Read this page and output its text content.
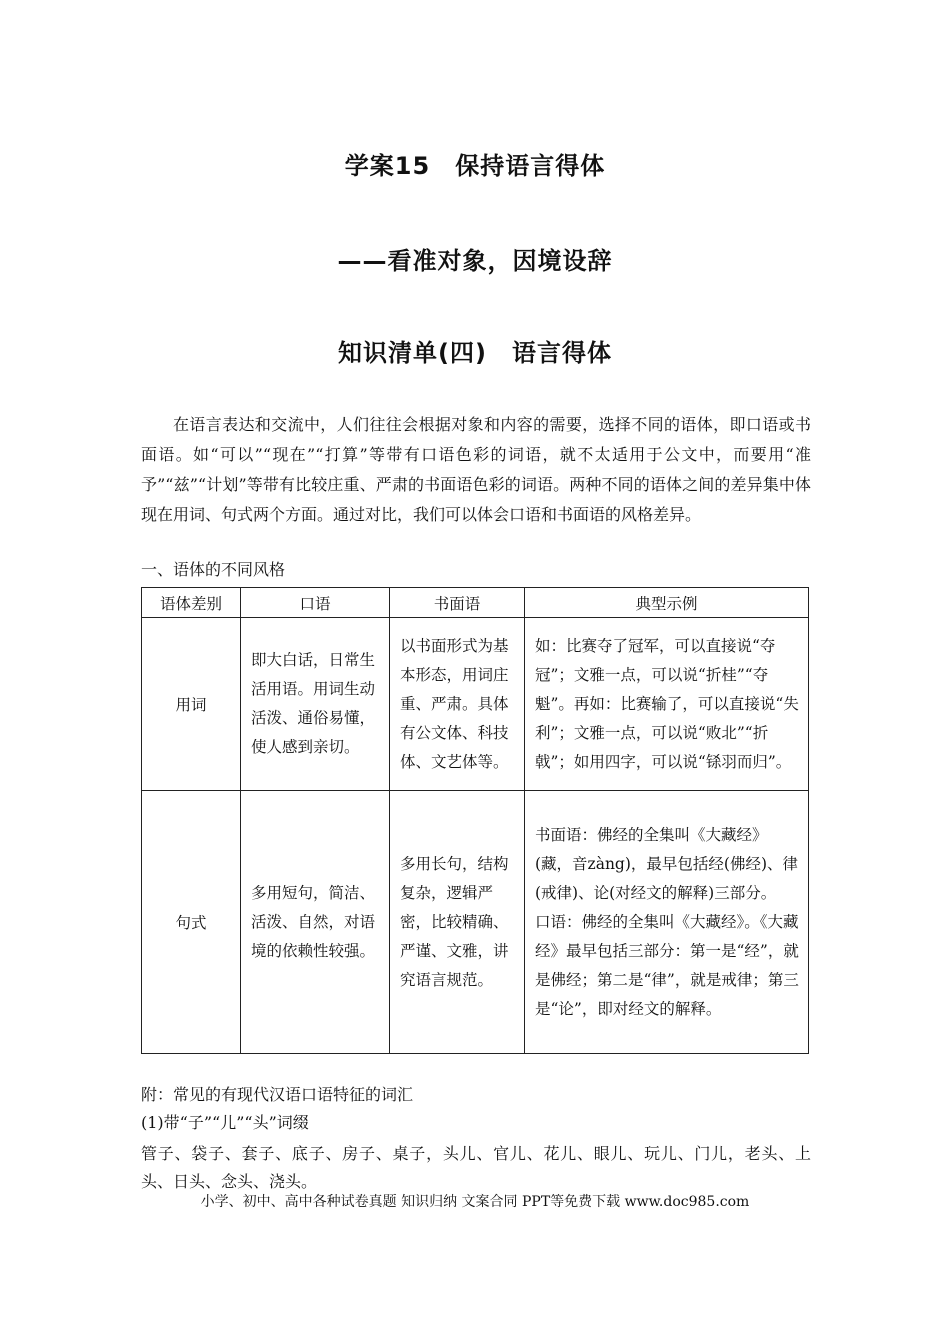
学案15　保持语言得体
——看准对象，因境设辞
知识清单(四)　语言得体

在语言表达和交流中，人们往往会根据对象和内容的需要，选择不同的语体，即口语或书面语。如“可以”“现在”“打算”等带有口语色彩的词语，就不太适用于公文中，而要用“准予”“兹”“计划”等带有比较庄重、严肃的书面语色彩的词语。两种不同的语体之间的差异集中体现在用词、句式两个方面。通过对比，我们可以体会口语和书面语的风格差异。

一、语体的不同风格
语体差别	口语	书面语	典型示例
用词	即大白话，日常生活用语。用词生动活泼、通俗易懂，使人感到亲切。	以书面形式为基本形态，用词庄重、严肃。具体有公文体、科技体、文艺体等。	如：比赛夺了冠军，可以直接说“夺冠”；文雅一点，可以说“折桂”“夺魁”。再如：比赛输了，可以直接说“失利”；文雅一点，可以说“败北”“折戟”；如用四字，可以说“铩羽而归”。

句式	多用短句，简洁、活泼、自然，对语境的依赖性较强。	多用长句，结构复杂，逻辑严密，比较精确、严谨、文雅，讲究语言规范。	书面语：佛经的全集叫《大藏经》(藏，音zàng)，最早包括经(佛经)、律(戒律)、论(对经文的解释)三部分。
口语：佛经的全集叫《大藏经》。《大藏经》最早包括三部分：第一是“经”，就是佛经；第二是“律”，就是戒律；第三是“论”，即对经文的解释。
附：常见的有现代汉语口语特征的词汇
(1)带“子”“儿”“头”词缀

管子、袋子、套子、底子、房子、桌子，头儿、官儿、花儿、眼儿、玩儿、门儿，老头、上头、日头、念头、浇头。

小学、初中、高中各种试卷真题 知识归纳 文案合同 PPT等免费下载 www.doc985.com
